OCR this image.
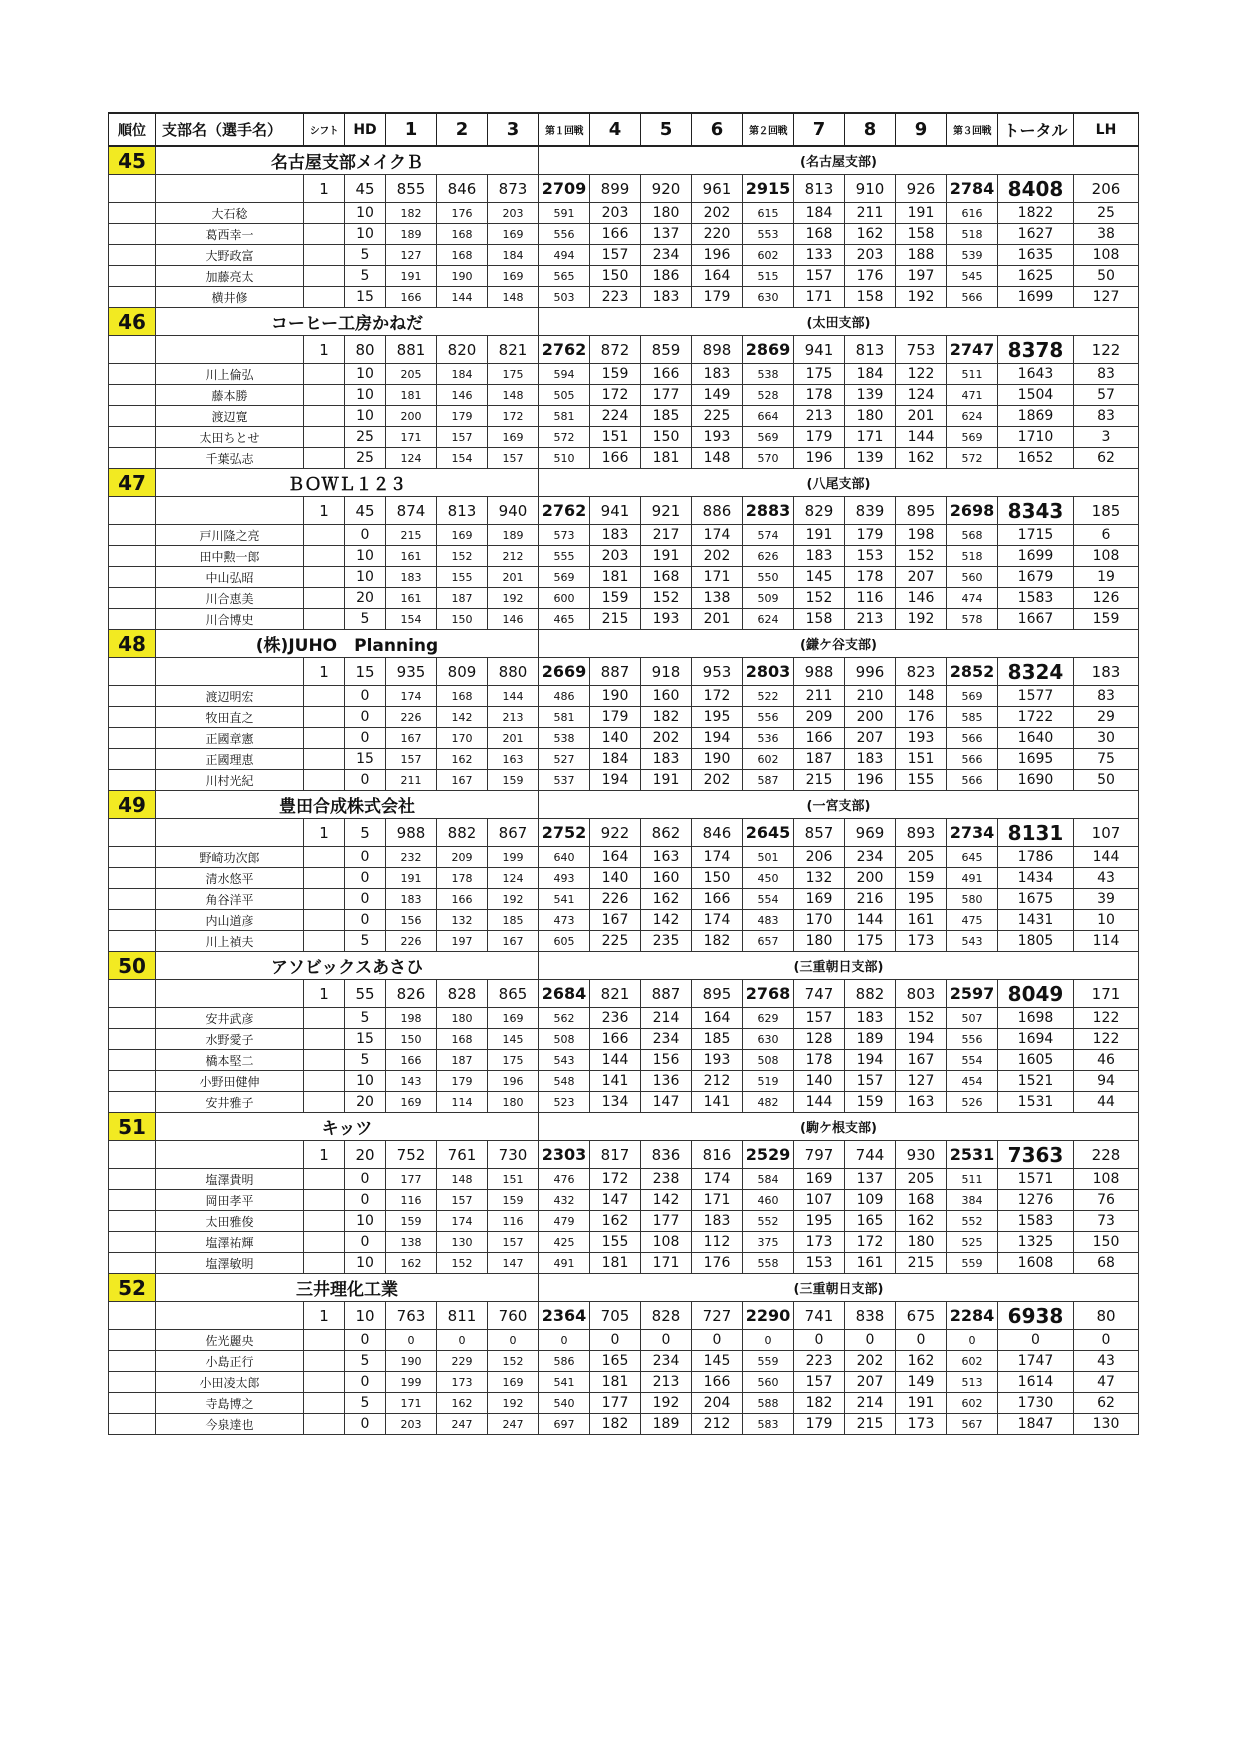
順位	支部名（選手名）	シフト	HD	1	2	3	第１回戦	4	5	6	第２回戦	7	8	9	第３回戦	トータル	LH
45	名古屋支部メイクＢ						(名古屋支部)										
		1	45	855	846	873	2709	899	920	961	2915	813	910	926	2784	8408	206
	大石稔		10	182	176	203	591	203	180	202	615	184	211	191	616	1822	25
	葛西幸一		10	189	168	169	556	166	137	220	553	168	162	158	518	1627	38
	大野政富		5	127	168	184	494	157	234	196	602	133	203	188	539	1635	108
	加藤亮太		5	191	190	169	565	150	186	164	515	157	176	197	545	1625	50
	横井修		15	166	144	148	503	223	183	179	630	171	158	192	566	1699	127
46	コーヒー工房かねだ						(太田支部)										
		1	80	881	820	821	2762	872	859	898	2869	941	813	753	2747	8378	122
	川上倫弘		10	205	184	175	594	159	166	183	538	175	184	122	511	1643	83
	藤本勝		10	181	146	148	505	172	177	149	528	178	139	124	471	1504	57
	渡辺寛		10	200	179	172	581	224	185	225	664	213	180	201	624	1869	83
	太田ちとせ		25	171	157	169	572	151	150	193	569	179	171	144	569	1710	3
	千葉弘志		25	124	154	157	510	166	181	148	570	196	139	162	572	1652	62
47	ＢＯＷＬ１２３						(八尾支部)										
		1	45	874	813	940	2762	941	921	886	2883	829	839	895	2698	8343	185
	戸川隆之亮		0	215	169	189	573	183	217	174	574	191	179	198	568	1715	6
	田中勲一郎		10	161	152	212	555	203	191	202	626	183	153	152	518	1699	108
	中山弘昭		10	183	155	201	569	181	168	171	550	145	178	207	560	1679	19
	川合恵美		20	161	187	192	600	159	152	138	509	152	116	146	474	1583	126
	川合博史		5	154	150	146	465	215	193	201	624	158	213	192	578	1667	159
48	(株)JUHO　Planning						(鎌ケ谷支部)										
		1	15	935	809	880	2669	887	918	953	2803	988	996	823	2852	8324	183
	渡辺明宏		0	174	168	144	486	190	160	172	522	211	210	148	569	1577	83
	牧田直之		0	226	142	213	581	179	182	195	556	209	200	176	585	1722	29
	正國章憲		0	167	170	201	538	140	202	194	536	166	207	193	566	1640	30
	正國理恵		15	157	162	163	527	184	183	190	602	187	183	151	566	1695	75
	川村光紀		0	211	167	159	537	194	191	202	587	215	196	155	566	1690	50
49	豊田合成株式会社						(一宮支部)										
		1	5	988	882	867	2752	922	862	846	2645	857	969	893	2734	8131	107
	野崎功次郎		0	232	209	199	640	164	163	174	501	206	234	205	645	1786	144
	清水悠平		0	191	178	124	493	140	160	150	450	132	200	159	491	1434	43
	角谷洋平		0	183	166	192	541	226	162	166	554	169	216	195	580	1675	39
	内山道彦		0	156	132	185	473	167	142	174	483	170	144	161	475	1431	10
	川上禎夫		5	226	197	167	605	225	235	182	657	180	175	173	543	1805	114
50	アソビックスあさひ						(三重朝日支部)										
		1	55	826	828	865	2684	821	887	895	2768	747	882	803	2597	8049	171
	安井武彦		5	198	180	169	562	236	214	164	629	157	183	152	507	1698	122
	水野愛子		15	150	168	145	508	166	234	185	630	128	189	194	556	1694	122
	橋本堅二		5	166	187	175	543	144	156	193	508	178	194	167	554	1605	46
	小野田健伸		10	143	179	196	548	141	136	212	519	140	157	127	454	1521	94
	安井雅子		20	169	114	180	523	134	147	141	482	144	159	163	526	1531	44
51	キッツ						(駒ケ根支部)										
		1	20	752	761	730	2303	817	836	816	2529	797	744	930	2531	7363	228
	塩澤貴明		0	177	148	151	476	172	238	174	584	169	137	205	511	1571	108
	岡田孝平		0	116	157	159	432	147	142	171	460	107	109	168	384	1276	76
	太田雅俊		10	159	174	116	479	162	177	183	552	195	165	162	552	1583	73
	塩澤祐輝		0	138	130	157	425	155	108	112	375	173	172	180	525	1325	150
	塩澤敏明		10	162	152	147	491	181	171	176	558	153	161	215	559	1608	68
52	三井理化工業						(三重朝日支部)										
		1	10	763	811	760	2364	705	828	727	2290	741	838	675	2284	6938	80
	佐光麗央		0	0	0	0	0	0	0	0	0	0	0	0	0	0	0
	小島正行		5	190	229	152	586	165	234	145	559	223	202	162	602	1747	43
	小田凌太郎		0	199	173	169	541	181	213	166	560	157	207	149	513	1614	47
	寺島博之		5	171	162	192	540	177	192	204	588	182	214	191	602	1730	62
	今泉達也		0	203	247	247	697	182	189	212	583	179	215	173	567	1847	130
